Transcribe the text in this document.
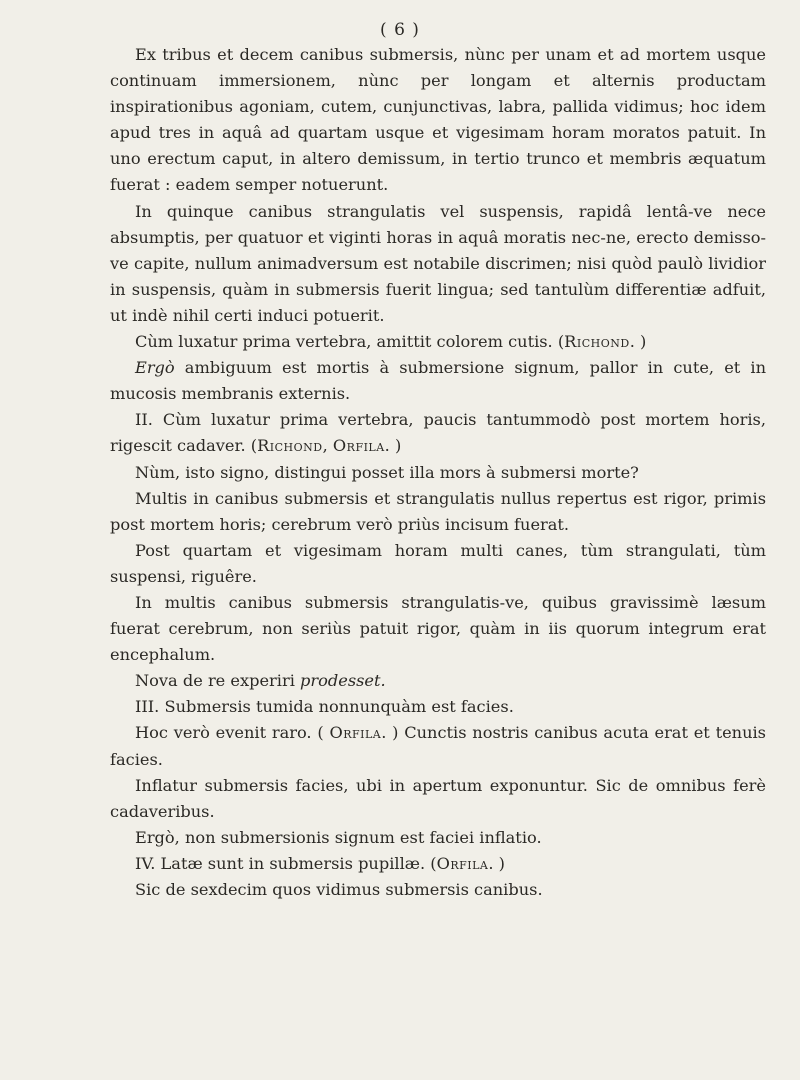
( 6 )

Ex tribus et decem canibus submersis, nùnc per unam et ad mortem usque continuam immersionem, nùnc per longam et alternis productam inspirationibus agoniam, cutem, cunjunctivas, labra, pallida vidimus; hoc idem apud tres in aquâ ad quartam usque et vigesimam horam moratos patuit. In uno erectum caput, in altero demissum, in tertio trunco et membris æquatum fuerat : eadem semper notuerunt.

In quinque canibus strangulatis vel suspensis, rapidâ lentâ-ve nece absumptis, per quatuor et viginti horas in aquâ moratis nec-ne, erecto demisso-ve capite, nullum animadversum est notabile discrimen; nisi quòd paulò lividior in suspensis, quàm in submersis fuerit lingua; sed tantulùm differentiæ adfuit, ut indè nihil certi induci potuerit.

Cùm luxatur prima vertebra, amittit colorem cutis. (Richond. )

Ergò ambiguum est mortis à submersione signum, pallor in cute, et in mucosis membranis externis.

II. Cùm luxatur prima vertebra, paucis tantummodò post mortem horis, rigescit cadaver. (Richond, Orfila. )

Nùm, isto signo, distingui posset illa mors à submersi morte?

Multis in canibus submersis et strangulatis nullus repertus est rigor, primis post mortem horis; cerebrum verò priùs incisum fuerat.

Post quartam et vigesimam horam multi canes, tùm strangulati, tùm suspensi, riguêre.

In multis canibus submersis strangulatis-ve, quibus gravissimè læsum fuerat cerebrum, non seriùs patuit rigor, quàm in iis quorum integrum erat encephalum.

Nova de re experiri prodesset.

III. Submersis tumida nonnunquàm est facies.

Hoc verò evenit raro. ( Orfila. ) Cunctis nostris canibus acuta erat et tenuis facies.

Inflatur submersis facies, ubi in apertum exponuntur. Sic de omnibus ferè cadaveribus.

Ergò, non submersionis signum est faciei inflatio.

IV. Latæ sunt in submersis pupillæ. (Orfila. )

Sic de sexdecim quos vidimus submersis canibus.
